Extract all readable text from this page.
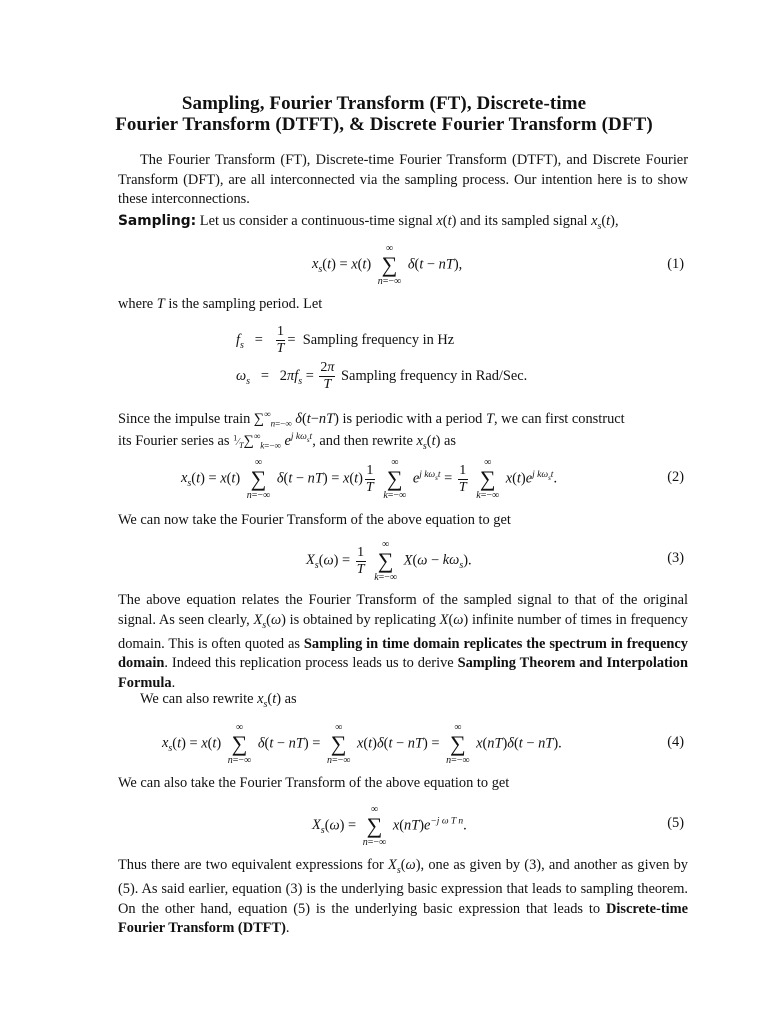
Sampling, Fourier Transform (FT), Discrete-time
Fourier Transform (DTFT), & Discrete Fourier Transform (DFT)

The Fourier Transform (FT), Discrete-time Fourier Transform (DTFT), and Discrete Fourier Transform (DFT), are all interconnected via the sampling process. Our intention here is to show these interconnections.

Sampling: Let us consider a continuous-time signal x(t) and its sampled signal $x_s(t)$,
$x_s(t) = x(t)$
∞
∑
n=−∞
δ(t − nT),	(1)
where T is the sampling period. Let
$f_s = \frac{1}{T}$ =  Sampling frequency in Hz
$\omega_s = 2\pi f_s = \frac{2\pi}{T}$ Sampling frequency in Rad/Sec.
Since the impulse train $\sum^\infty_{n=-\infty}$ δ(t−nT) is periodic with a period T, we can first construct
its Fourier series as $^1⁄_T\sum^\infty_{k=-\infty}$ $e^{j k\omega_st}$, and then rewrite $x_s(t)$ as
$x_s(t) = x(t)$
∞
∑
n=−∞
$\delta(t - nT) = x(t) \frac{1}{T}$
	∞
∑
k=−∞
$e^{j k\omega_st} = \frac{1}{T}$
	∞
∑
k=−∞
$x(t)e^{j k\omega_st}$.	(2)
We can now take the Fourier Transform of the above equation to get
$X_s(\omega) = \frac{1}{T}$
	∞
∑
k=−∞
$X(\omega - k\omega_s)$.	(3)

The above equation relates the Fourier Transform of the sampled signal to that of the original signal. As seen clearly, $X_s(\omega)$ is obtained by replicating X(ω) infinite number of times in frequency domain. This is often quoted as Sampling in time domain replicates the spectrum in frequency domain. Indeed this replication process leads us to derive Sampling Theorem and Interpolation Formula.

We can also rewrite $x_s(t)$ as
$x_s(t) = x(t)$
∞
∑
n=−∞
δ(t − nT) =
∞
∑
n=−∞
x(t)δ(t − nT) =
∞
∑
n=−∞
x(nT)δ(t − nT).	(4)
We can also take the Fourier Transform of the above equation to get
$X_s(\omega)$ =
∞
∑
n=−∞
$x(nT)e^{-j \omega T n}$.	(5)

Thus there are two equivalent expressions for $X_s(\omega)$, one as given by (3), and another as given by (5). As said earlier, equation (3) is the underlying basic expression that leads to sampling theorem. On the other hand, equation (5) is the underlying basic expression that leads to Discrete-time Fourier Transform (DTFT).
